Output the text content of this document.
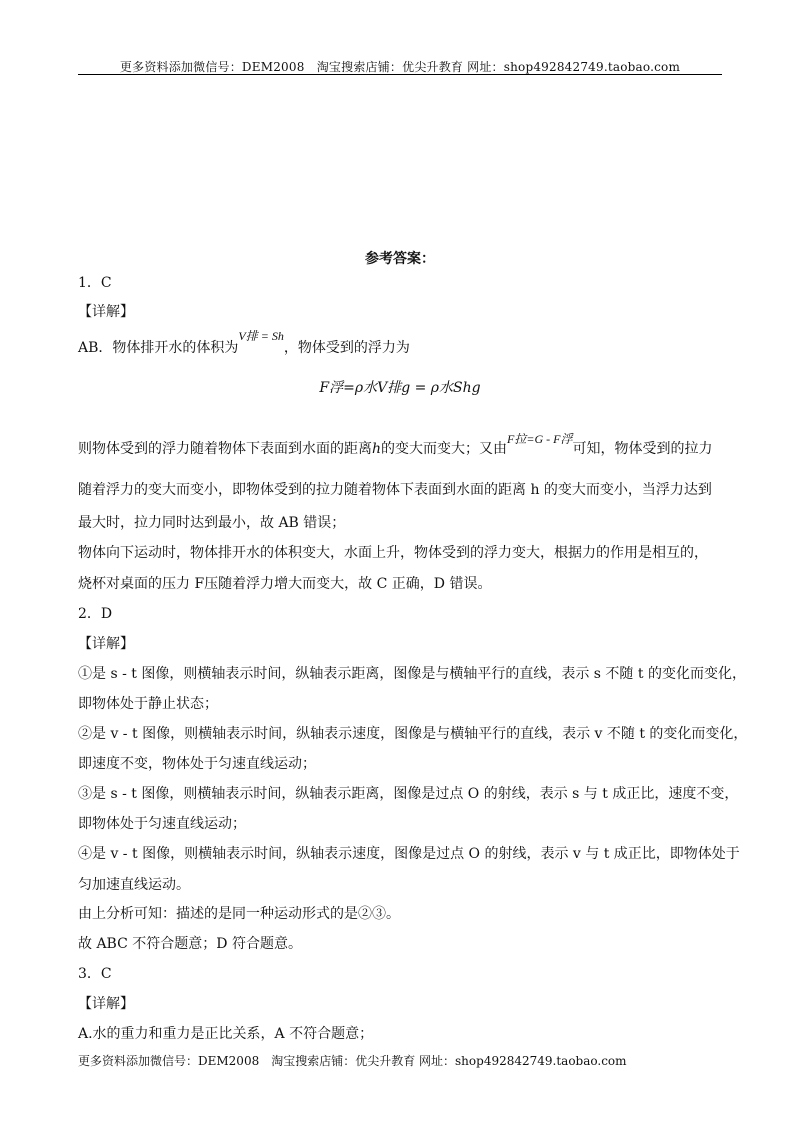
更多资料添加微信号：DEM2008　淘宝搜索店铺：优尖升教育 网址：shop492842749.taobao.com
参考答案：
1．C
【详解】
AB．物体排开水的体积为V排 = Sh，物体受到的浮力为
F浮=ρ水V排g = ρ水Shg
则物体受到的浮力随着物体下表面到水面的距离h的变大而变大；又由F拉=G - F浮可知，物体受到的拉力
随着浮力的变大而变小，即物体受到的拉力随着物体下表面到水面的距离 h 的变大而变小，当浮力达到
最大时，拉力同时达到最小，故 AB 错误；
物体向下运动时，物体排开水的体积变大，水面上升，物体受到的浮力变大，根据力的作用是相互的，
烧杯对桌面的压力 F压随着浮力增大而变大，故 C 正确，D 错误。
2．D
【详解】
①是 s - t 图像，则横轴表示时间，纵轴表示距离，图像是与横轴平行的直线，表示 s 不随 t 的变化而变化，
即物体处于静止状态；
②是 v - t 图像，则横轴表示时间，纵轴表示速度，图像是与横轴平行的直线，表示 v 不随 t 的变化而变化，
即速度不变，物体处于匀速直线运动；
③是 s - t 图像，则横轴表示时间，纵轴表示距离，图像是过点 O 的射线，表示 s 与 t 成正比，速度不变，
即物体处于匀速直线运动；
④是 v - t 图像，则横轴表示时间，纵轴表示速度，图像是过点 O 的射线，表示 v 与 t 成正比，即物体处于
匀加速直线运动。
由上分析可知：描述的是同一种运动形式的是②③。
故 ABC 不符合题意；D 符合题意。
3．C
【详解】
A.水的重力和重力是正比关系，A 不符合题意；
更多资料添加微信号：DEM2008　淘宝搜索店铺：优尖升教育 网址：shop492842749.taobao.com
